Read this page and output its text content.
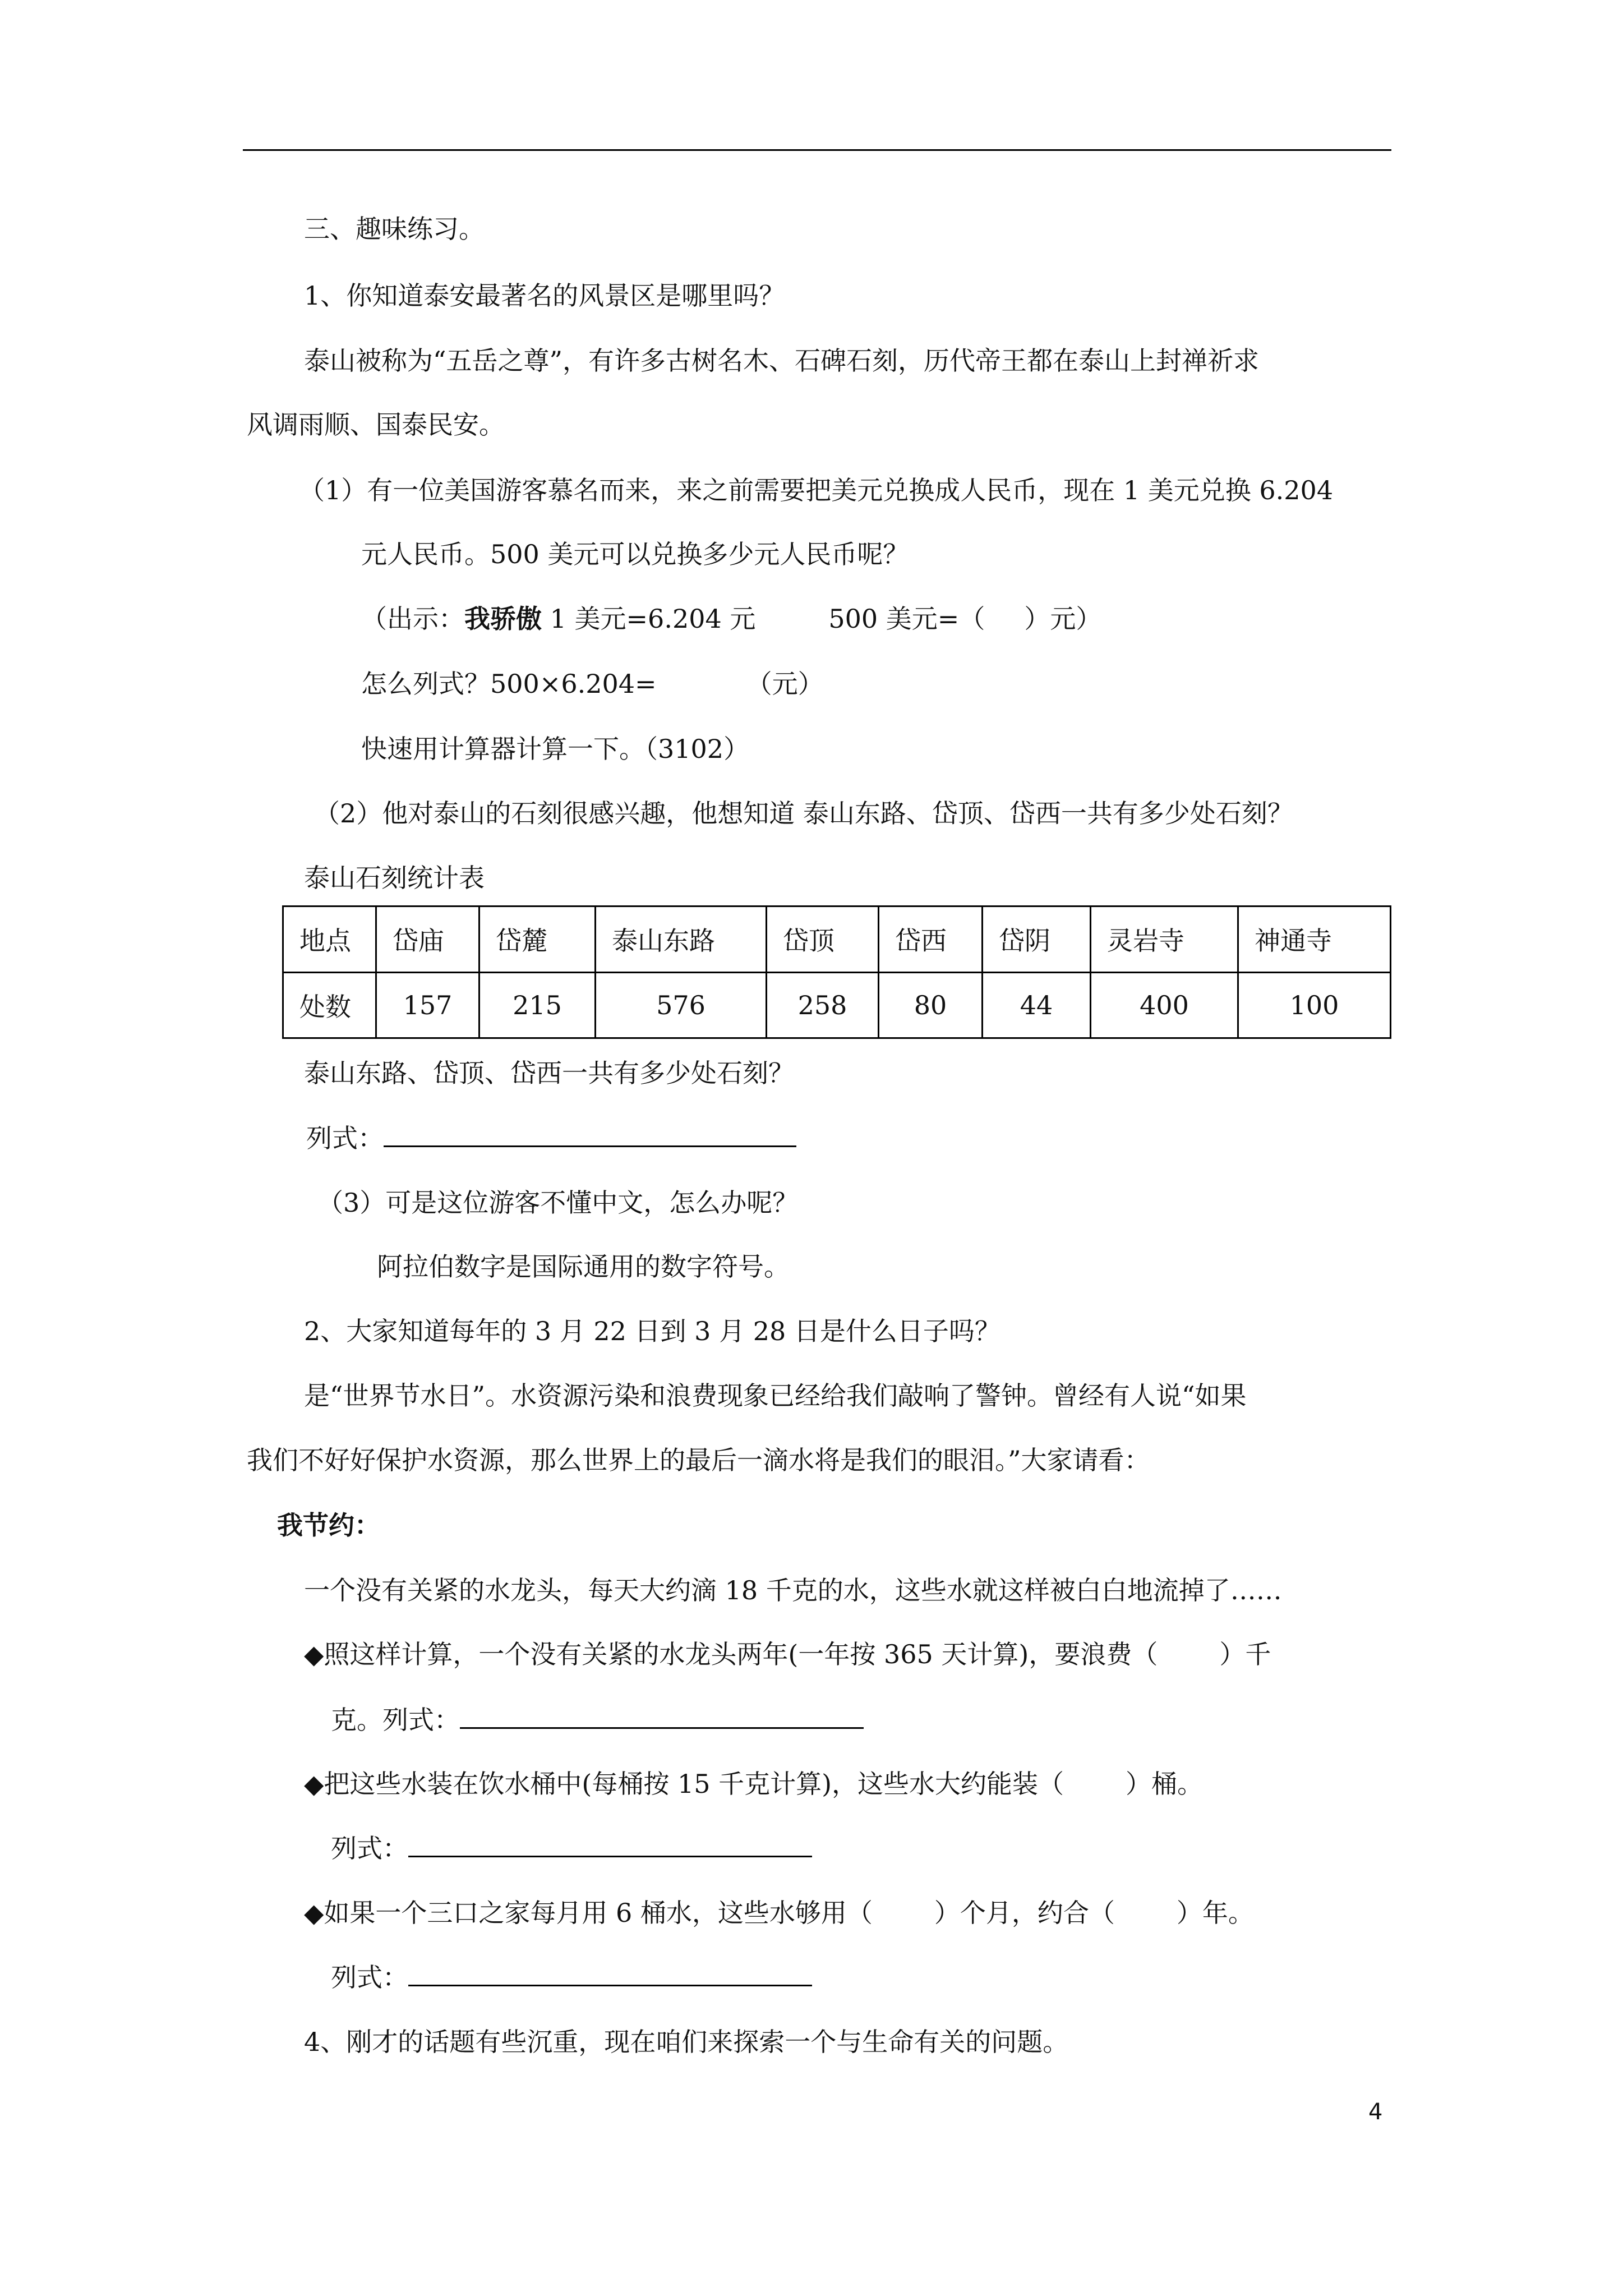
三、趣味练习。
1、你知道泰安最著名的风景区是哪里吗？
泰山被称为“五岳之尊”，有许多古树名木、石碑石刻，历代帝王都在泰山上封禅祈求
风调雨顺、国泰民安。
（1）有一位美国游客慕名而来，来之前需要把美元兑换成人民币，现在 1 美元兑换 6.204
元人民币。500 美元可以兑换多少元人民币呢？
（出示：我骄傲 1 美元=6.204 元	500 美元=（ ）元）
怎么列式？500×6.204=	（元）
快速用计算器计算一下。（3102）
（2）他对泰山的石刻很感兴趣，他想知道 泰山东路、岱顶、岱西一共有多少处石刻？
泰山石刻统计表
地点	岱庙	岱麓	泰山东路	岱顶	岱西	岱阴	灵岩寺	神通寺
处数	157	215	576	258	80	44	400	100
泰山东路、岱顶、岱西一共有多少处石刻？
列式：
（3）可是这位游客不懂中文，怎么办呢？
阿拉伯数字是国际通用的数字符号。
2、大家知道每年的 3 月 22 日到 3 月 28 日是什么日子吗？
是“世界节水日”。水资源污染和浪费现象已经给我们敲响了警钟。曾经有人说“如果
我们不好好保护水资源，那么世界上的最后一滴水将是我们的眼泪。”大家请看：
我节约：
一个没有关紧的水龙头，每天大约滴 18 千克的水，这些水就这样被白白地流掉了……
◆照这样计算，一个没有关紧的水龙头两年(一年按 365 天计算)，要浪费（ ）千
克。列式：
◆把这些水装在饮水桶中(每桶按 15 千克计算)，这些水大约能装（ ）桶。
列式：
◆如果一个三口之家每月用 6 桶水，这些水够用（ ）个月，约合（ ）年。
列式：
4、刚才的话题有些沉重，现在咱们来探索一个与生命有关的问题。
4
